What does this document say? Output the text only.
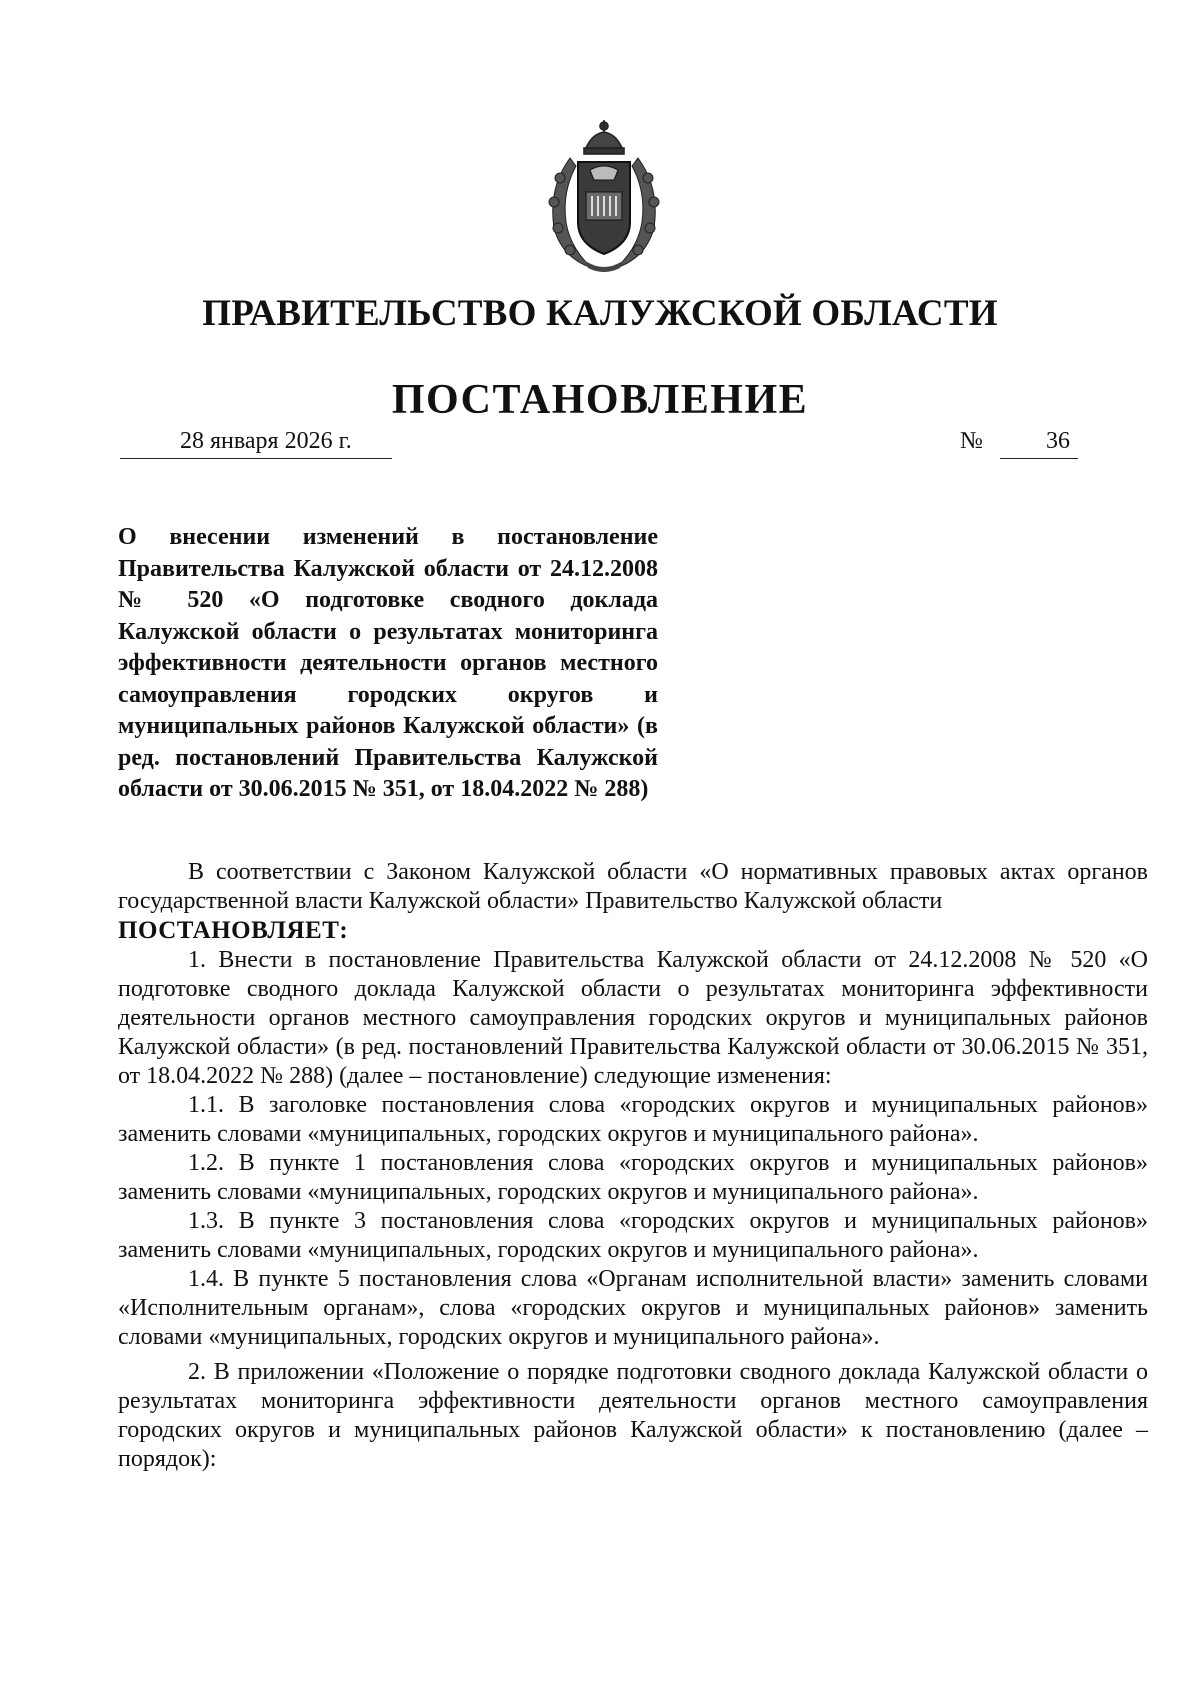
ПРАВИТЕЛЬСТВО КАЛУЖСКОЙ ОБЛАСТИ
ПОСТАНОВЛЕНИЕ
28 января 2026 г.	№	36
О внесении изменений в постановление Правительства Калужской области от 24.12.2008 № 520 «О подготовке сводного доклада Калужской области о результатах мониторинга эффективности деятельности органов местного самоуправления городских округов и муниципальных районов Калужской области» (в ред. постановлений Правительства Калужской области от 30.06.2015 № 351, от 18.04.2022 № 288)

В соответствии с Законом Калужской области «О нормативных правовых актах органов государственной власти Калужской области» Правительство Калужской области

ПОСТАНОВЛЯЕТ:

1. Внести в постановление Правительства Калужской области от 24.12.2008 № 520 «О подготовке сводного доклада Калужской области о результатах мониторинга эффективности деятельности органов местного самоуправления городских округов и муниципальных районов Калужской области» (в ред. постановлений Правительства Калужской области от 30.06.2015 № 351, от 18.04.2022 № 288) (далее – постановление) следующие изменения:

1.1. В заголовке постановления слова «городских округов и муниципальных районов» заменить словами «муниципальных, городских округов и муниципального района».

1.2. В пункте 1 постановления слова «городских округов и муниципальных районов» заменить словами «муниципальных, городских округов и муниципального района».

1.3. В пункте 3 постановления слова «городских округов и муниципальных районов» заменить словами «муниципальных, городских округов и муниципального района».

1.4. В пункте 5 постановления слова «Органам исполнительной власти» заменить словами «Исполнительным органам», слова «городских округов и муниципальных районов» заменить словами «муниципальных, городских округов и муниципального района».

2. В приложении «Положение о порядке подготовки сводного доклада Калужской области о результатах мониторинга эффективности деятельности органов местного самоуправления городских округов и муниципальных районов Калужской области» к постановлению (далее – порядок):
